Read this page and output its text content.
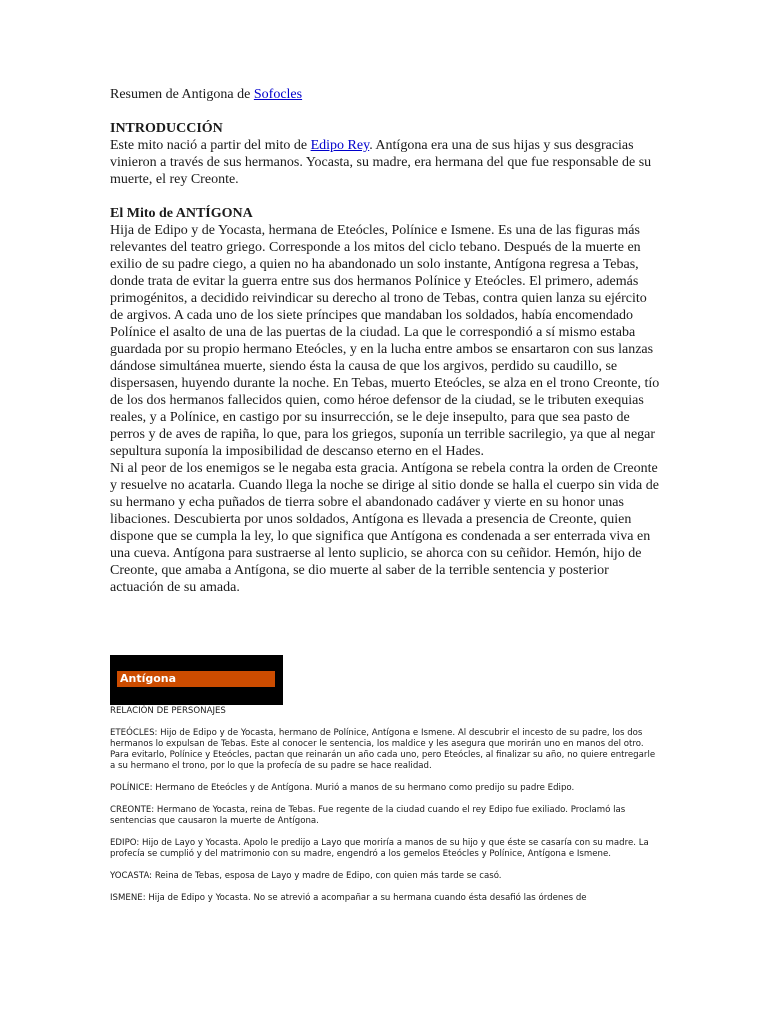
Resumen de Antigona de Sofocles
INTRODUCCIÓN

Este mito nació a partir del mito de Edipo Rey. Antígona era una de sus hijas y sus desgracias vinieron a través de sus hermanos. Yocasta, su madre, era hermana del que fue responsable de su muerte, el rey Creonte.

El Mito de ANTÍGONA

Hija de Edipo y de Yocasta, hermana de Eteócles, Polínice e Ismene. Es una de las figuras más relevantes del teatro griego. Corresponde a los mitos del ciclo tebano. Después de la muerte en exilio de su padre ciego, a quien no ha abandonado un solo instante, Antígona regresa a Tebas, donde trata de evitar la guerra entre sus dos hermanos Polínice y Eteócles. El primero, además primogénitos, a decidido reivindicar su derecho al trono de Tebas, contra quien lanza su ejército de argivos. A cada uno de los siete príncipes que mandaban los soldados, había encomendado Polínice el asalto de una de las puertas de la ciudad. La que le correspondió a sí mismo estaba guardada por su propio hermano Eteócles, y en la lucha entre ambos se ensartaron con sus lanzas dándose simultánea muerte, siendo ésta la causa de que los argivos, perdido su caudillo, se dispersasen, huyendo durante la noche. En Tebas, muerto Eteócles, se alza en el trono Creonte, tío de los dos hermanos fallecidos quien, como héroe defensor de la ciudad, se le tributen exequias reales, y a Polínice, en castigo por su insurrección, se le deje insepulto, para que sea pasto de perros y de aves de rapiña, lo que, para los griegos, suponía un terrible sacrilegio, ya que al negar sepultura suponía la imposibilidad de descanso eterno en el Hades.

Ni al peor de los enemigos se le negaba esta gracia. Antígona se rebela contra la orden de Creonte y resuelve no acatarla. Cuando llega la noche se dirige al sitio donde se halla el cuerpo sin vida de su hermano y echa puñados de tierra sobre el abandonado cadáver y vierte en su honor unas libaciones. Descubierta por unos soldados, Antígona es llevada a presencia de Creonte, quien dispone que se cumpla la ley, lo que significa que Antígona es condenada a ser enterrada viva en una cueva. Antígona para sustraerse al lento suplicio, se ahorca con su ceñidor. Hemón, hijo de Creonte, que amaba a Antígona, se dio muerte al saber de la terrible sentencia y posterior actuación de su amada.

Antígona
RELACIÓN DE PERSONAJES

ETEÓCLES: Hijo de Edipo y de Yocasta, hermano de Polínice, Antígona e Ismene. Al descubrir el incesto de su padre, los dos hermanos lo expulsan de Tebas. Este al conocer le sentencia, los maldice y les asegura que morirán uno en manos del otro. Para evitarlo, Polínice y Eteócles, pactan que reinarán un año cada uno, pero Eteócles, al finalizar su año, no quiere entregarle a su hermano el trono, por lo que la profecía de su padre se hace realidad.

POLÍNICE: Hermano de Eteócles y de Antígona. Murió a manos de su hermano como predijo su padre Edipo.

CREONTE: Hermano de Yocasta, reina de Tebas. Fue regente de la ciudad cuando el rey Edipo fue exiliado. Proclamó las sentencias que causaron la muerte de Antígona.

EDIPO: Hijo de Layo y Yocasta. Apolo le predijo a Layo que moriría a manos de su hijo y que éste se casaría con su madre. La profecía se cumplió y del matrimonio con su madre, engendró a los gemelos Eteócles y Polínice, Antígona e Ismene.

YOCASTA: Reina de Tebas, esposa de Layo y madre de Edipo, con quien más tarde se casó.

ISMENE: Hija de Edipo y Yocasta. No se atrevió a acompañar a su hermana cuando ésta desafió las órdenes de
